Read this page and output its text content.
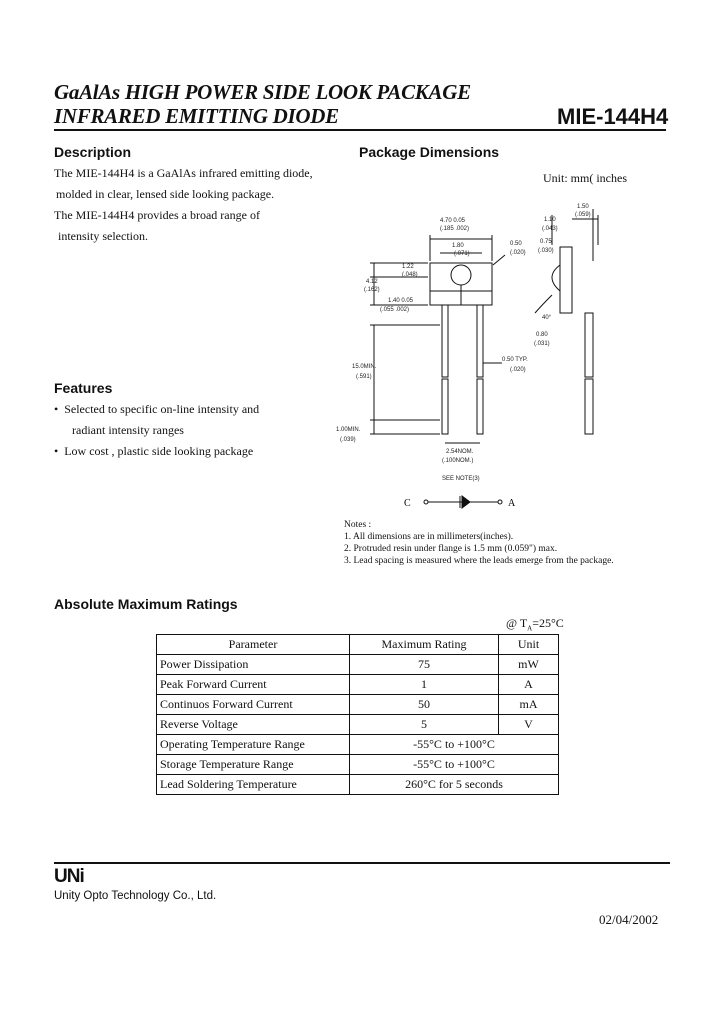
GaAlAs HIGH POWER SIDE LOOK PACKAGE
INFRARED EMITTING DIODE	MIE-144H4
Description
The MIE-144H4 is a GaAlAs infrared emitting diode,
molded in clear, lensed side looking package.
The MIE-144H4 provides a broad range of
intensity selection.
Features
•  Selected to specific on-line intensity and
radiant intensity ranges
•  Low cost , plastic side looking package
Package Dimensions
Unit: mm( inches
4.70 0.05
(.185 .002)
1.80
(.071)
1.22
(.048)
4.12
(.162)
1.40 0.05
(.055 .002)
0.50
(.020)
15.0MIN.
(.591)
0.50 TYP.
(.020)
1.00MIN.
(.039)
2.54NOM.
(.100NOM.)
SEE NOTE(3)
1.50
(.059)
1.10
(.043)
0.75
(.030)
0.80
(.031)
40°
C	A
Notes :
1. All dimensions are in millimeters(inches).
2. Protruded resin under flange is 1.5 mm (0.059") max.
3. Lead spacing is measured where the leads emerge from the package.
Absolute Maximum Ratings
@ $T_A=25^\circ C$
Parameter	Maximum Rating	Unit
Power Dissipation	75	mW
Peak Forward Current	1	A
Continuos Forward Current	50	mA
Reverse Voltage	5	V
Operating Temperature Range	-55°C to +100°C	
Storage Temperature Range	-55°C to +100°C	
Lead Soldering Temperature	260°C for 5 seconds	
UNi
Unity Opto Technology Co., Ltd.
02/04/2002
